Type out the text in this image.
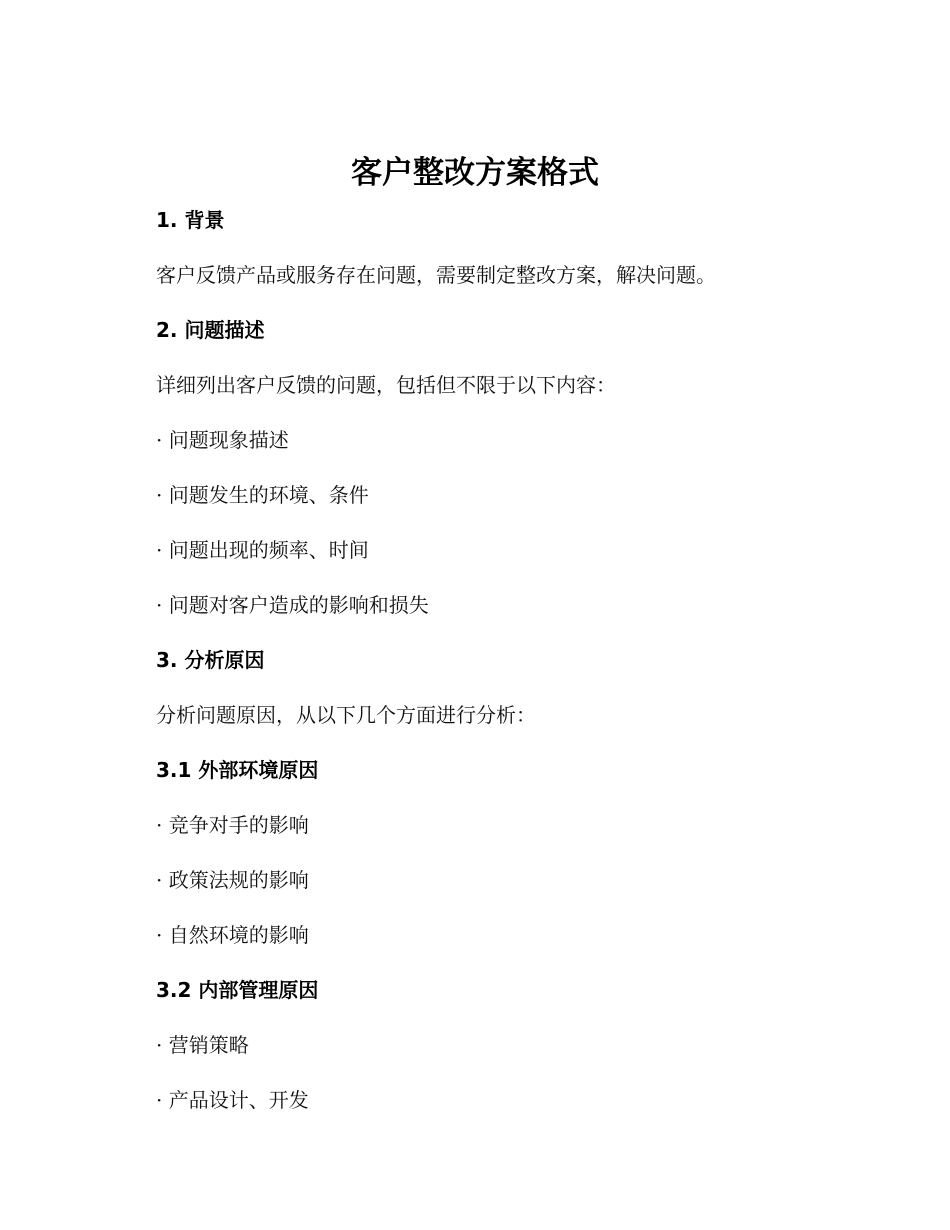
客户整改方案格式
1. 背景
客户反馈产品或服务存在问题，需要制定整改方案，解决问题。
2. 问题描述
详细列出客户反馈的问题，包括但不限于以下内容：
· 问题现象描述
· 问题发生的环境、条件
· 问题出现的频率、时间
· 问题对客户造成的影响和损失
3. 分析原因
分析问题原因，从以下几个方面进行分析：
3.1 外部环境原因
· 竞争对手的影响
· 政策法规的影响
· 自然环境的影响
3.2 内部管理原因
· 营销策略
· 产品设计、开发
